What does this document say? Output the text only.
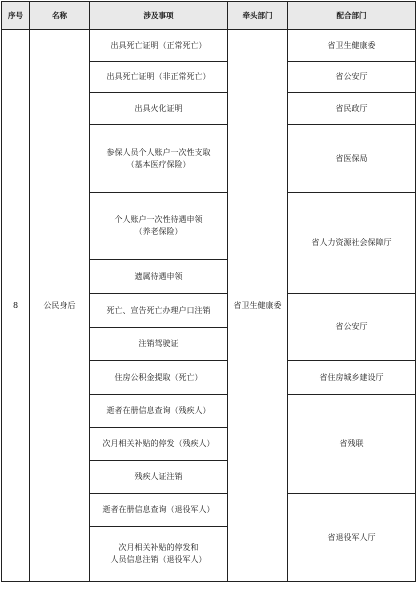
序号	名称	涉及事项	牵头部门	配合部门
8	公民身后	出具死亡证明（正常死亡）	省卫生健康委	省卫生健康委

		出具死亡证明（非正常死亡）		省公安厅

		出具火化证明		省民政厅

		参保人员个人账户一次性支取
（基本医疗保险）		省医保局

		个人账户一次性待遇申领
（养老保险）		省人力资源社会保障厅

		遗属待遇申领		

		死亡、宣告死亡办理户口注销		省公安厅

		注销驾驶证		

		住房公积金提取（死亡）		省住房城乡建设厅

		逝者在册信息查询（残疾人）		省残联

		次月相关补贴的停发（残疾人）		

		残疾人证注销		

		逝者在册信息查询（退役军人）		省退役军人厅

		次月相关补贴的停发和
人员信息注销（退役军人）		
